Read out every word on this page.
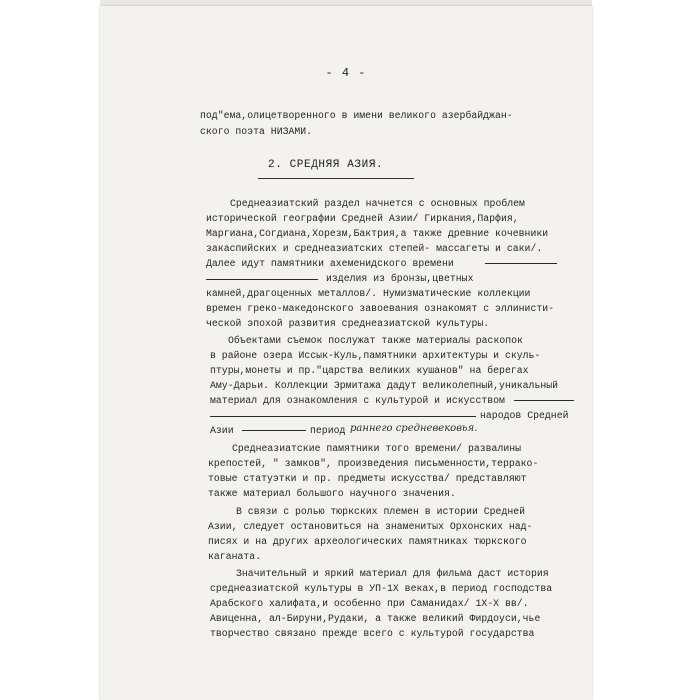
- 4 -
под"ема,олицетворенного в имени великого азербайджан-
ского поэта НИЗАМИ.
2. СРЕДНЯЯ АЗИЯ.
Среднеазиатский раздел начнется с основных проблем
исторической географии Средней Азии/ Гиркания,Парфия,
Маргиана,Согдиана,Хорезм,Бактрия,а также древние кочевники
закаспийских и среднеазиатских степей- массагеты и саки/.
Далее идут памятники ахеменидского времени
изделия из бронзы,цветных
камней,драгоценных металлов/. Нумизматические коллекции
времен греко-македонского завоевания ознакомят с эллинисти-
ческой эпохой развития среднеазиатской культуры.
Объектами съемок послужат также материалы раскопок
в районе озера Иссык-Куль,памятники архитектуры и скуль-
птуры,монеты и пр."царства великих кушанов" на берегах
Аму-Дарьи. Коллекции Эрмитажа дадут великолепный,уникальный
материал для ознакомления с культурой и искусством
народов Средней
Азии	период раннего средневековья.
Среднеазиатские памятники того времени/ развалины
крепостей, " замков", произведения письменности,террако-
товые статуэтки и пр. предметы искусства/ представляют
также материал большого научного значения.
В связи с ролью тюркских племен в истории Средней
Азии, следует остановиться на знаменитых Орхонских над-
писях и на других археологических памятниках тюркского
каганата.
Значительный и яркий материал для фильма даст история
среднеазиатской культуры в УП-1Х веках,в период господства
Арабского халифата,и особенно при Саманидах/ 1Х-Х вв/.
Авиценна, ал-Бируни,Рудаки, а также великий Фирдоуси,чье
творчество связано прежде всего с культурой государства
